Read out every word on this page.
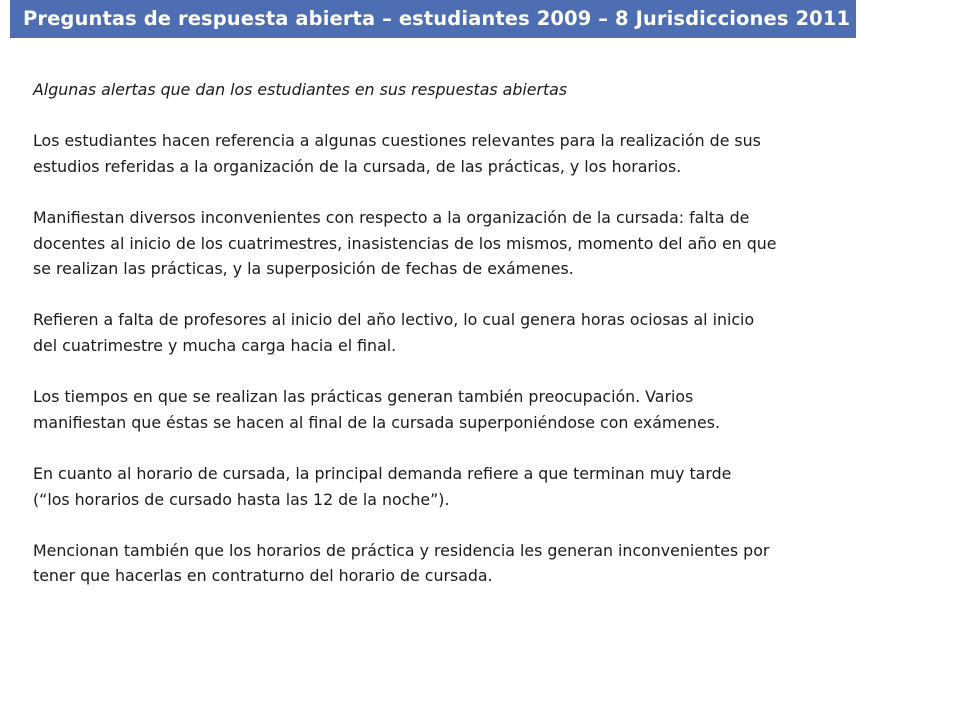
Preguntas de respuesta abierta – estudiantes 2009 – 8 Jurisdicciones 2011

Algunas alertas que dan los estudiantes en sus respuestas abiertas

Los estudiantes hacen referencia a algunas cuestiones relevantes para la realización de sus
estudios referidas a la organización de la cursada, de las prácticas, y los horarios.

Manifiestan diversos inconvenientes con respecto a la organización de la cursada: falta de
docentes al inicio de los cuatrimestres, inasistencias de los mismos, momento del año en que
se realizan las prácticas, y la superposición de fechas de exámenes.

Refieren a falta de profesores al inicio del año lectivo, lo cual genera horas ociosas al inicio
del cuatrimestre y mucha carga hacia el final.

Los tiempos en que se realizan las prácticas generan también preocupación. Varios
manifiestan que éstas se hacen al final de la cursada superponiéndose con exámenes.

En cuanto al horario de cursada, la principal demanda refiere a que terminan muy tarde
(“los horarios de cursado hasta las 12 de la noche”).

Mencionan también que los horarios de práctica y residencia les generan inconvenientes por
tener que hacerlas en contraturno del horario de cursada.
